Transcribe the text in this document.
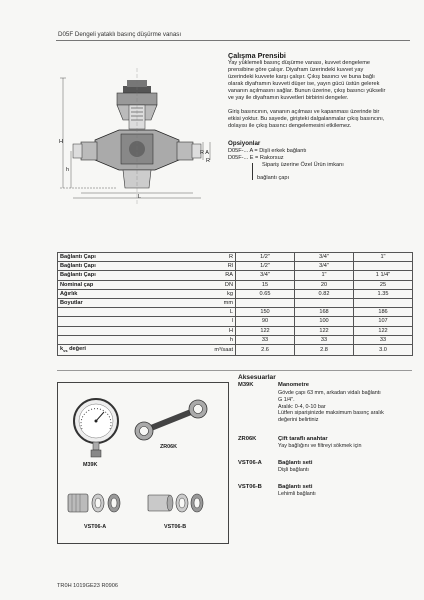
D05F Dengeli yataklı basınç düşürme vanası
H
h
L
R
R A
Çalışma Prensibi
Yay yüklemeli basınç düşürme vanası, kuvvet dengeleme
prensibine göre çalışır. Diyafram üzerindeki kuvvet yay
üzerindeki kuvvete karşı çalışır. Çıkış basıncı ve buna bağlı
olarak diyaframın kuvveti düşer ise, yayın gücü üstün gelerek
vananın açılmasını sağlar. Bunun üzerine, çıkış basıncı yükselir
ve yay ile diyaframın kuvvetleri birbirini dengeler.
Giriş basıncının, vananın açılması ve kapanması üzerinde bir
etkisi yoktur. Bu sayede, girişteki dalgalanmalar çıkış basıncını,
dolayısı ile çıkış basıncı dengelemesini etkilemez.
Opsiyonlar
D05F-... A = Dişli erkek bağlantı
D05F-... E = Rakorsuz
Sipariş üzerine Özel Ürün imkanı
bağlantı çapı
Bağlantı Çapı	R	1/2"	3/4"	1"
Bağlantı Çapı	Rl	1/2"	3/4"	
Bağlantı Çapı	RA	3/4"	1"	1 1/4"
Nominal çap	DN	15	20	25
Ağırlık	kg	0.65	0.82	1.35
Boyutlar	mm			
	L	150	168	186
	l	90	100	107
	H	122	122	122
	h	33	33	33
$k_{vs}$ değeri	m³/saat	2.6	2.8	3.0
Aksesuarlar
M39K	Manometre
Gövde çapı 63 mm, arkadan vidalı bağlantı
G 1/4".
Aralık: 0-4, 0-10 bar
Lütfen siparişinizde maksimum basınç aralık
değerini belirtiniz
ZR06K	Çift taraflı anahtar
Yay bağlığını ve filtreyi sökmek için
VST06-A	Bağlantı seti
Dişli bağlantı
VST06-B	Bağlantı seti
Lehimli bağlantı
M39K
ZR06K
VST06-A	VST06-B
TR0H 1019GE23 R0906
